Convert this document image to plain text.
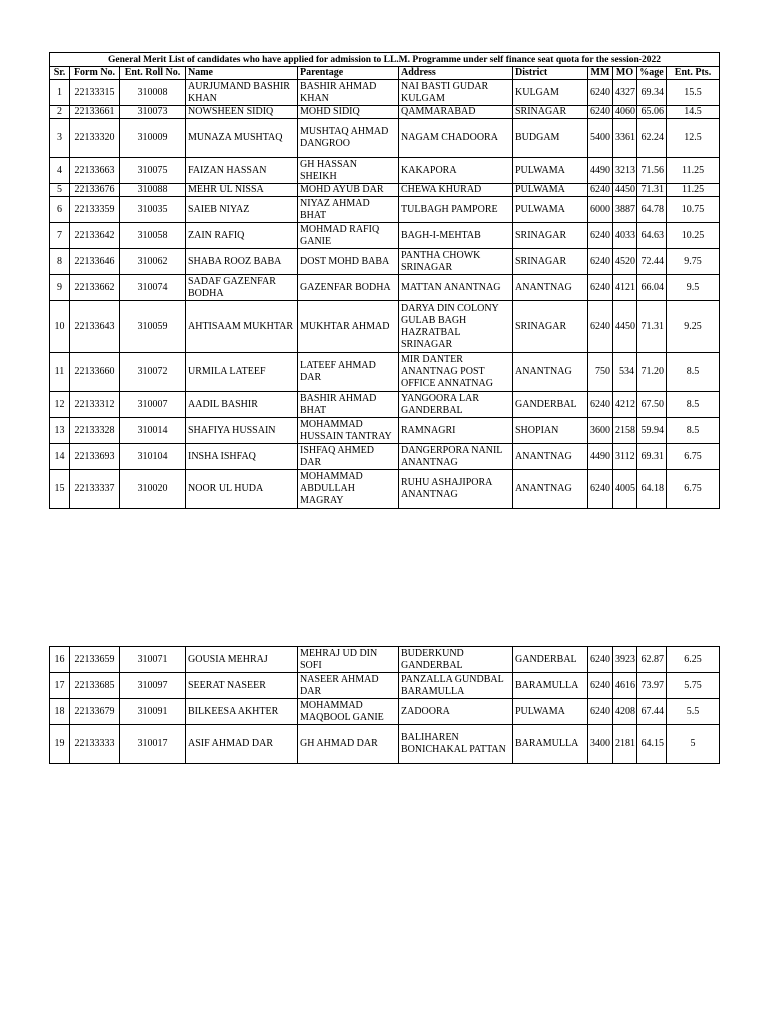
General Merit List of candidates who have applied for admission to LL.M. Programme under self finance seat quota for the session-2022										
Sr.	Form No.	Ent. Roll No.	Name	Parentage	Address	District	MM	MO	%age	Ent. Pts.
1	22133315	310008	AURJUMAND BASHIR KHAN	BASHIR AHMAD KHAN	NAI BASTI GUDAR KULGAM	KULGAM	6240	4327	69.34	15.5
2	22133661	310073	NOWSHEEN SIDIQ	MOHD SIDIQ	QAMMARABAD	SRINAGAR	6240	4060	65.06	14.5
3	22133320	310009	MUNAZA MUSHTAQ	MUSHTAQ AHMAD DANGROO	NAGAM CHADOORA	BUDGAM	5400	3361	62.24	12.5
4	22133663	310075	FAIZAN HASSAN	GH HASSAN SHEIKH	KAKAPORA	PULWAMA	4490	3213	71.56	11.25
5	22133676	310088	MEHR UL NISSA	MOHD AYUB DAR	CHEWA KHURAD	PULWAMA	6240	4450	71.31	11.25
6	22133359	310035	SAIEB NIYAZ	NIYAZ AHMAD BHAT	TULBAGH PAMPORE	PULWAMA	6000	3887	64.78	10.75
7	22133642	310058	ZAIN RAFIQ	MOHMAD RAFIQ GANIE	BAGH-I-MEHTAB	SRINAGAR	6240	4033	64.63	10.25
8	22133646	310062	SHABA ROOZ BABA	DOST MOHD BABA	PANTHA CHOWK SRINAGAR	SRINAGAR	6240	4520	72.44	9.75
9	22133662	310074	SADAF GAZENFAR BODHA	GAZENFAR BODHA	MATTAN ANANTNAG	ANANTNAG	6240	4121	66.04	9.5
10	22133643	310059	AHTISAAM MUKHTAR	MUKHTAR AHMAD	DARYA DIN COLONY GULAB BAGH HAZRATBAL SRINAGAR	SRINAGAR	6240	4450	71.31	9.25
11	22133660	310072	URMILA LATEEF	LATEEF AHMAD DAR	MIR DANTER ANANTNAG POST OFFICE ANNATNAG	ANANTNAG	750	534	71.20	8.5
12	22133312	310007	AADIL BASHIR	BASHIR AHMAD BHAT	YANGOORA LAR GANDERBAL	GANDERBAL	6240	4212	67.50	8.5
13	22133328	310014	SHAFIYA HUSSAIN	MOHAMMAD HUSSAIN TANTRAY	RAMNAGRI	SHOPIAN	3600	2158	59.94	8.5
14	22133693	310104	INSHA ISHFAQ	ISHFAQ AHMED DAR	DANGERPORA NANIL ANANTNAG	ANANTNAG	4490	3112	69.31	6.75
15	22133337	310020	NOOR UL HUDA	MOHAMMAD ABDULLAH MAGRAY	RUHU ASHAJIPORA ANANTNAG	ANANTNAG	6240	4005	64.18	6.75
16	22133659	310071	GOUSIA MEHRAJ	MEHRAJ UD DIN SOFI	BUDERKUND GANDERBAL	GANDERBAL	6240	3923	62.87	6.25
17	22133685	310097	SEERAT NASEER	NASEER AHMAD DAR	PANZALLA GUNDBAL BARAMULLA	BARAMULLA	6240	4616	73.97	5.75
18	22133679	310091	BILKEESA AKHTER	MOHAMMAD MAQBOOL GANIE	ZADOORA	PULWAMA	6240	4208	67.44	5.5
19	22133333	310017	ASIF AHMAD DAR	GH AHMAD DAR	BALIHAREN BONICHAKAL PATTAN	BARAMULLA	3400	2181	64.15	5
